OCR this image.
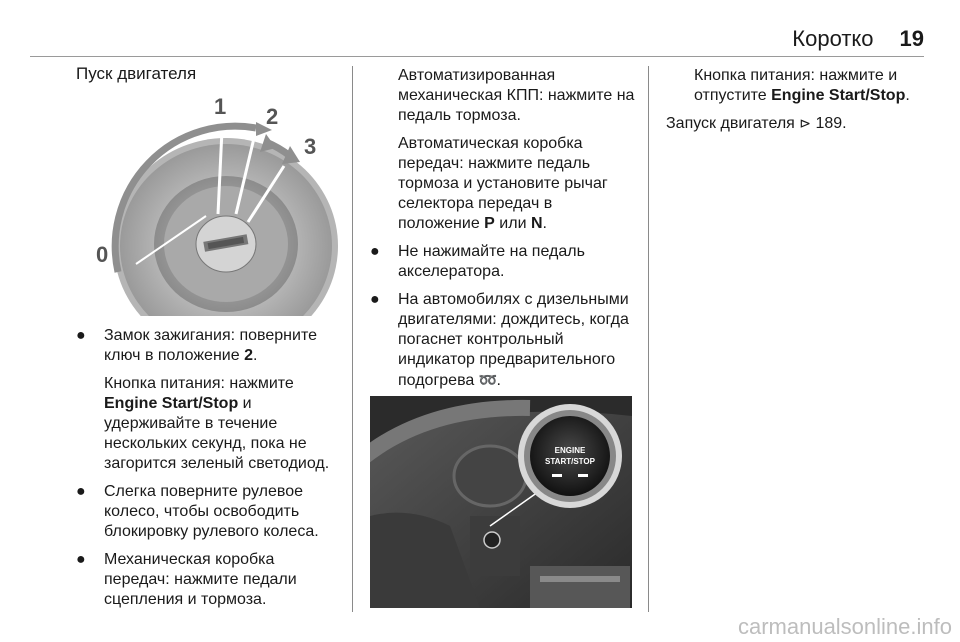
Коротко 19
Пуск двигателя
0
1 2
3
● Замок зажигания: поверните ключ в положение 2.
Кнопка питания: нажмите Engine Start/Stop и удерживайте в течение нескольких секунд, пока не загорится зеленый светодиод.
● Слегка поверните рулевое колесо, чтобы освободить блокировку рулевого колеса.
● Механическая коробка передач: нажмите педали сцепления и тормоза.

Автоматизированная механическая КПП: нажмите на педаль тормоза.

Автоматическая коробка передач: нажмите педаль тормоза и установите рычаг селектора передач в положение P или N.

● Не нажимайте на педаль акселератора.
● На автомобилях с дизельными двигателями: дождитесь, когда погаснет контрольный индикатор предварительного подогрева ➿.
ENGINE
START/STOP

Кнопка питания: нажмите и отпустите Engine Start/Stop.

Запуск двигателя ⊳ 189.

carmanualsonline.info
